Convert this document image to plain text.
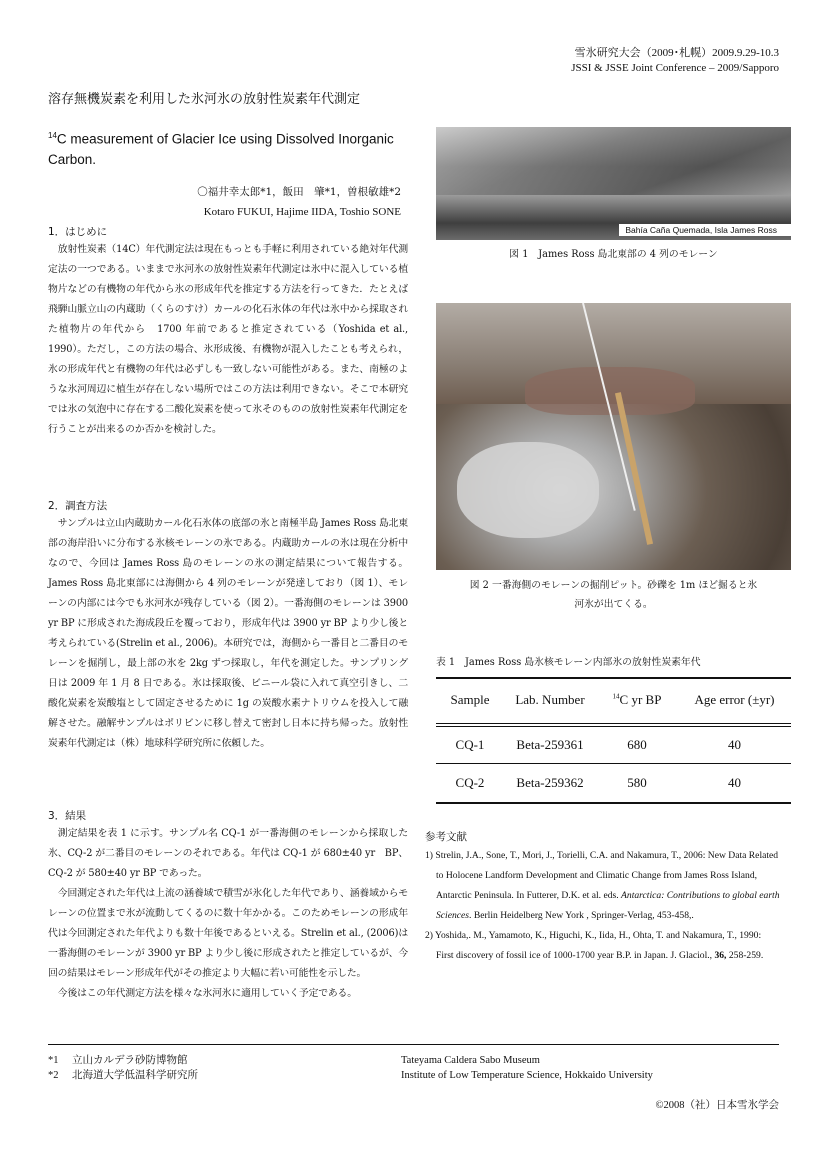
雪氷研究大会（2009･札幌）2009.9.29-10.3
JSSI & JSSE Joint Conference – 2009/Sapporo
溶存無機炭素を利用した氷河氷の放射性炭素年代測定
$^{14}$C measurement of Glacier Ice using Dissolved Inorganic Carbon.
〇福井幸太郎*1，飯田　肇*1，曽根敏雄*2
Kotaro FUKUI, Hajime IIDA, Toshio SONE
1．はじめに

放射性炭素（14C）年代測定法は現在もっとも手軽に利用されている絶対年代測定法の一つである。いままで氷河氷の放射性炭素年代測定は氷中に混入している植物片などの有機物の年代から氷の形成年代を推定する方法を行ってきた．たとえば飛騨山脈立山の内蔵助（くらのすけ）カールの化石氷体の年代は氷中から採取された植物片の年代から　1700 年前であると推定されている（Yoshida et al., 1990）。ただし，この方法の場合、氷形成後、有機物が混入したことも考えられ，氷の形成年代と有機物の年代は必ずしも一致しない可能性がある。また、南極のような氷河周辺に植生が存在しない場所ではこの方法は利用できない。そこで本研究では氷の気泡中に存在する二酸化炭素を使って氷そのものの放射性炭素年代測定を行うことが出来るのか否かを検討した。

2．調査方法

サンプルは立山内蔵助カール化石氷体の底部の氷と南極半島 James Ross 島北東部の海岸沿いに分布する氷核モレーンの氷である。内蔵助カールの氷は現在分析中なので、今回は James Ross 島のモレーンの氷の測定結果について報告する。James Ross 島北東部には海側から 4 列のモレーンが発達しており（図 1）、モレーンの内部には今でも氷河氷が残存している（図 2）。一番海側のモレーンは 3900 yr BP に形成された海成段丘を覆っており，形成年代は 3900 yr BP より少し後と考えられている(Strelin et al., 2006)。本研究では，海側から一番目と二番目のモレーンを掘削し，最上部の氷を 2kg ずつ採取し，年代を測定した。サンプリング日は 2009 年 1 月 8 日である。氷は採取後、ビニール袋に入れて真空引きし、二酸化炭素を炭酸塩として固定させるために 1g の炭酸水素ナトリウムを投入して融解させた。融解サンプルはポリビンに移し替えて密封し日本に持ち帰った。放射性炭素年代測定は（株）地球科学研究所に依頼した。

3．結果

測定結果を表 1 に示す。サンプル名 CQ-1 が一番海側のモレーンから採取した氷、CQ-2 が二番目のモレーンのそれである。年代は CQ-1 が 680±40 yr　BP、CQ-2 が 580±40 yr BP であった。

今回測定された年代は上流の涵養域で積雪が氷化した年代であり、涵養域からモレーンの位置まで氷が流動してくるのに数十年かかる。このためモレーンの形成年代は今回測定された年代よりも数十年後であるといえる。Strelin et al., (2006)は一番海側のモレーンが 3900 yr BP より少し後に形成されたと推定しているが、今回の結果はモレーン形成年代がその推定より大幅に若い可能性を示した。

今後はこの年代測定方法を様々な氷河氷に適用していく予定である。

Bahía Caña Quemada, Isla James Ross
図 1　James Ross 島北東部の 4 列のモレーン
図 2 一番海側のモレーンの掘削ピット。砂礫を 1m ほど掘ると氷
河氷が出てくる。
表 1　James Ross 島氷核モレーン内部氷の放射性炭素年代
Sample	Lab. Number	$^{14}$C yr BP	Age error (±yr)
CQ-1	Beta-259361	680	40
CQ-2	Beta-259362	580	40
参考文献
1) Strelin, J.A., Sone, T., Mori, J., Torielli, C.A. and Nakamura, T., 2006: New Data Related to Holocene Landform Development and Climatic Change from James Ross Island, Antarctic Peninsula. In Futterer, D.K. et al. eds. Antarctica: Contributions to global earth Sciences. Berlin Heidelberg New York , Springer-Verlag, 453-458,.
2) Yoshida,. M., Yamamoto, K., Higuchi, K., Iida, H., Ohta, T. and Nakamura, T., 1990: First discovery of fossil ice of 1000-1700 year B.P. in Japan. J. Glaciol., 36, 258-259.
*1 立山カルデラ砂防博物館
*2 北海道大学低温科学研究所
Tateyama Caldera Sabo Museum
Institute of Low Temperature Science, Hokkaido University
©2008（社）日本雪氷学会
